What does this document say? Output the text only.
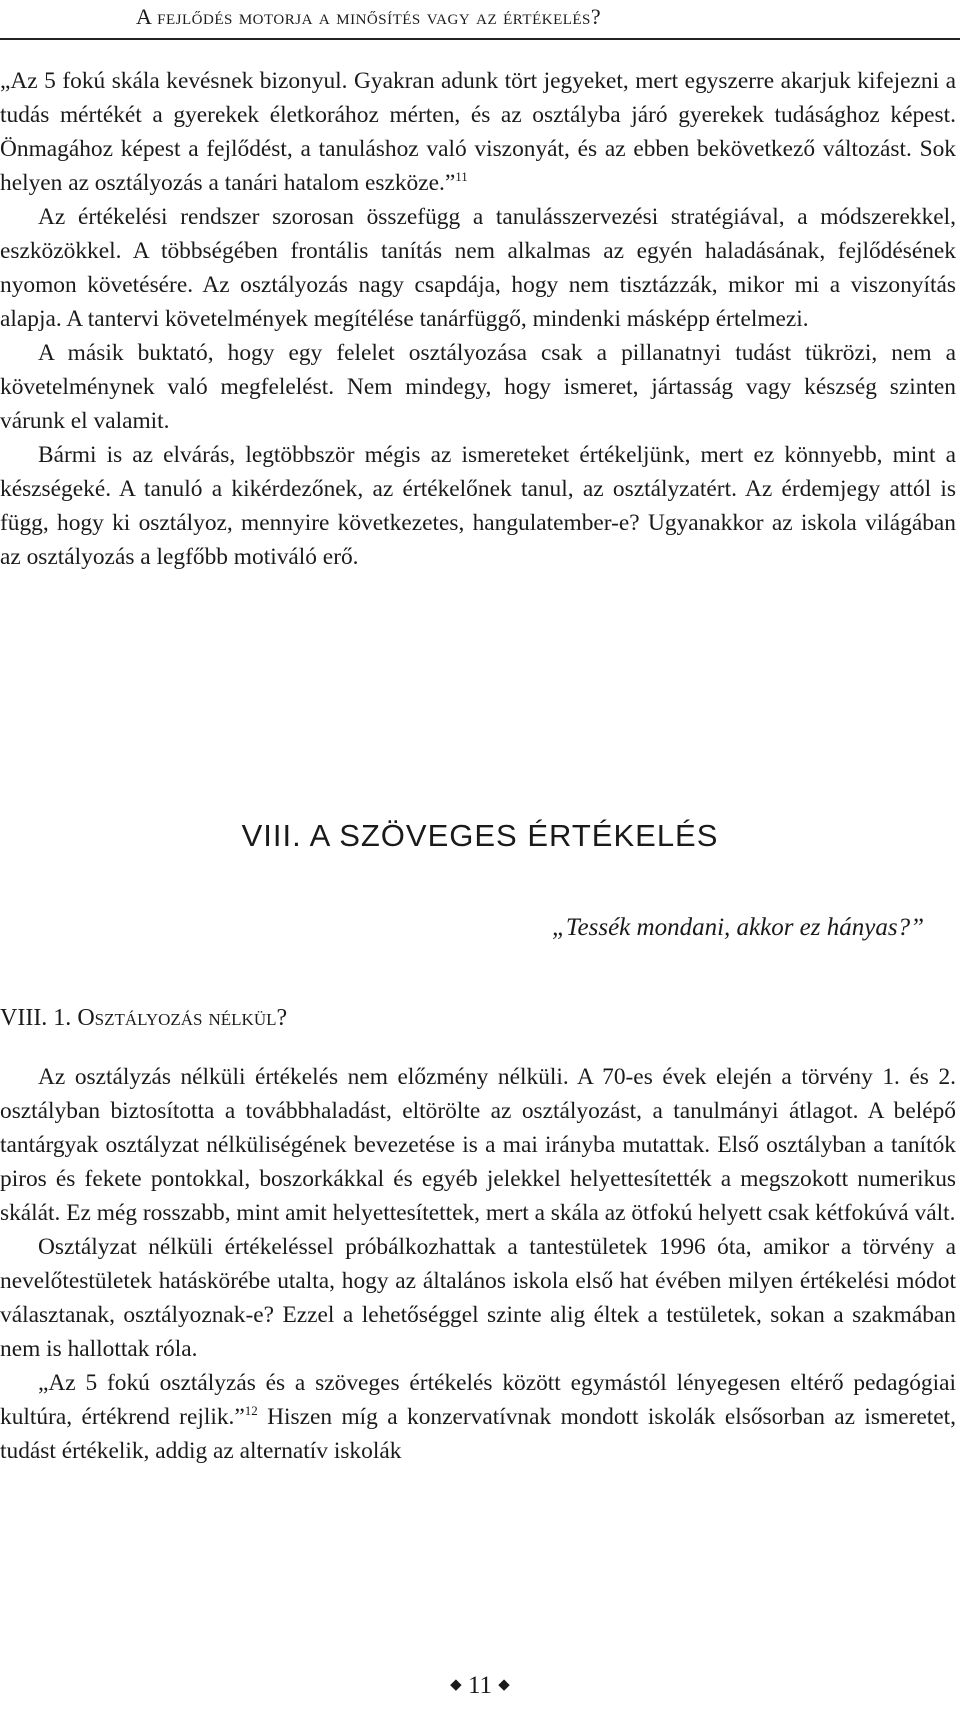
A fejlődés motorja a minősítés vagy az értékelés?

„Az 5 fokú skála kevésnek bizonyul. Gyakran adunk tört jegyeket, mert egyszerre akarjuk kifejezni a tudás mértékét a gyerekek életkorához mérten, és az osztályba járó gyerekek tudásághoz képest. Önmagához képest a fejlődést, a tanuláshoz való viszonyát, és az ebben bekövetkező változást. Sok helyen az osztályozás a tanári hatalom eszköze.”$^{11}$

Az értékelési rendszer szorosan összefügg a tanulásszervezési stratégiával, a módszerekkel, eszközökkel. A többségében frontális tanítás nem alkalmas az egyén haladásának, fejlődésének nyomon követésére. Az osztályozás nagy csapdája, hogy nem tisztázzák, mikor mi a viszonyítás alapja. A tantervi követelmények megítélése tanárfüggő, mindenki másképp értelmezi.

A másik buktató, hogy egy felelet osztályozása csak a pillanatnyi tudást tükrözi, nem a követelménynek való megfelelést. Nem mindegy, hogy ismeret, jártasság vagy készség szinten várunk el valamit.

Bármi is az elvárás, legtöbbször mégis az ismereteket értékeljünk, mert ez könnyebb, mint a készségeké. A tanuló a kikérdezőnek, az értékelőnek tanul, az osztályzatért. Az érdemjegy attól is függ, hogy ki osztályoz, mennyire következetes, hangulatember-e? Ugyanakkor az iskola világában az osztályozás a legfőbb motiváló erő.

VIII. A SZÖVEGES ÉRTÉKELÉS
„Tessék mondani, akkor ez hányas?”
VIII. 1. Osztályozás nélkül?

Az osztályzás nélküli értékelés nem előzmény nélküli. A 70-es évek elején a törvény 1. és 2. osztályban biztosította a továbbhaladást, eltörölte az osztályozást, a tanulmányi átlagot. A belépő tantárgyak osztályzat nélküliségének bevezetése is a mai irányba mutattak. Első osztályban a tanítók piros és fekete pontokkal, boszorkákkal és egyéb jelekkel helyettesítették a megszokott numerikus skálát. Ez még rosszabb, mint amit helyettesítettek, mert a skála az ötfokú helyett csak kétfokúvá vált.

Osztályzat nélküli értékeléssel próbálkozhattak a tantestületek 1996 óta, amikor a törvény a nevelőtestületek hatáskörébe utalta, hogy az általános iskola első hat évében milyen értékelési módot választanak, osztályoznak-e? Ezzel a lehetőséggel szinte alig éltek a testületek, sokan a szakmában nem is hallottak róla.

„Az 5 fokú osztályzás és a szöveges értékelés között egymástól lényegesen eltérő pedagógiai kultúra, értékrend rejlik.”$^{12}$ Hiszen míg a konzervatívnak mondott iskolák elsősorban az ismeretet, tudást értékelik, addig az alternatív iskolák

◆ 11 ◆
